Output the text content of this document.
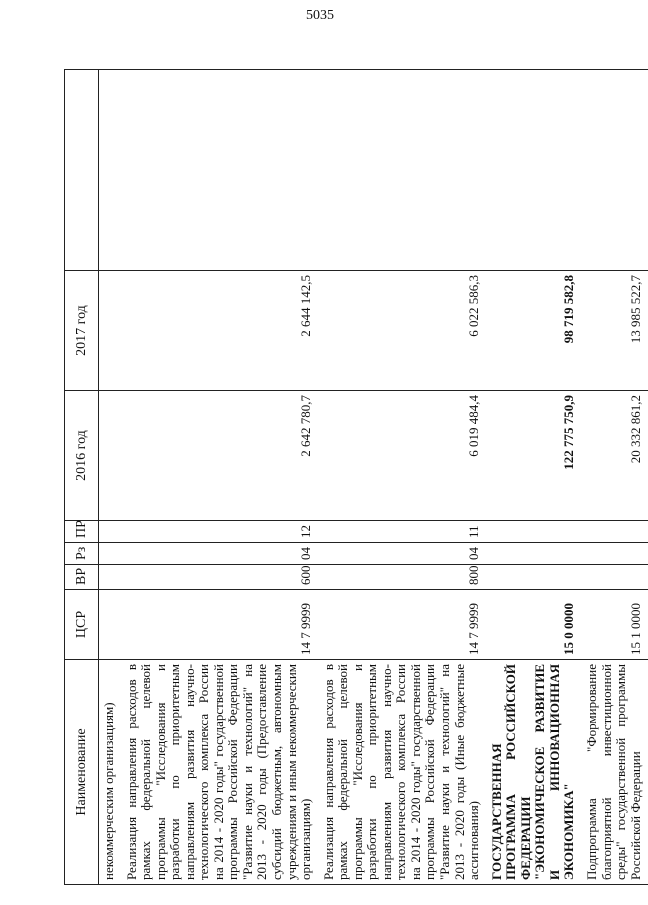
5035
Наименование	ЦСР	ВР	Рз	ПР	2016 год	2017 год	
некоммерческим организациям)							
Реализация направления расходов в рамках федеральной целевой программы "Исследования и разработки по приоритетным направлениям развития научно-технологического комплекса России на 2014 - 2020 годы" государственной программы Российской Федерации "Развитие науки и технологий" на 2013 - 2020 годы (Предоставление субсидий бюджетным, автономным учреждениям и иным некоммерческим организациям)	14 7 9999	600	04	12	2 642 780,7	2 644 142,5	
Реализация направления расходов в рамках федеральной целевой программы "Исследования и разработки по приоритетным направлениям развития научно-технологического комплекса России на 2014 - 2020 годы" государственной программы Российской Федерации "Развитие науки и технологий" на 2013 - 2020 годы (Иные бюджетные ассигнования)	14 7 9999	800	04	11	6 019 484,4	6 022 586,3	
ГОСУДАРСТВЕННАЯ ПРОГРАММА РОССИЙСКОЙ ФЕДЕРАЦИИ "ЭКОНОМИЧЕСКОЕ РАЗВИТИЕ И ИННОВАЦИОННАЯ ЭКОНОМИКА"	15 0 0000				122 775 750,9	98 719 582,8	
Подпрограмма "Формирование благоприятной инвестиционной среды" государственной программы Российской Федерации	15 1 0000				20 332 861,2	13 985 522,7	
